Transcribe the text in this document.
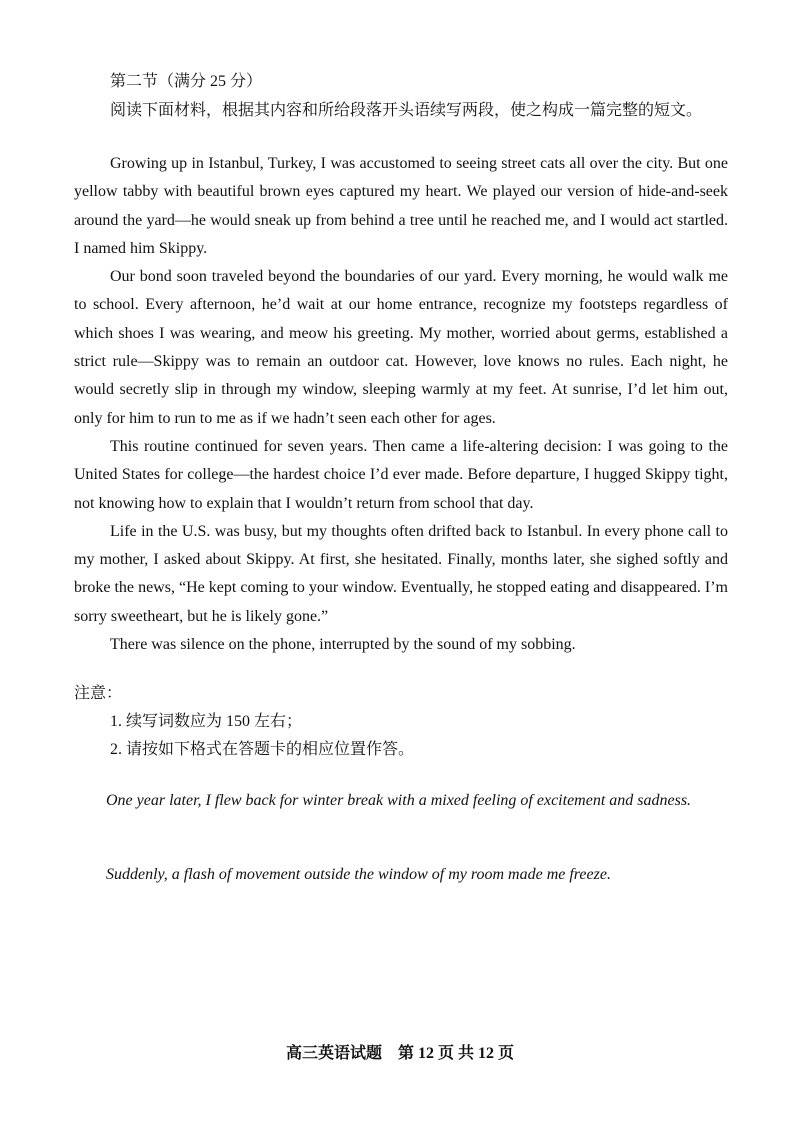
第二节（满分 25 分）
阅读下面材料，根据其内容和所给段落开头语续写两段，使之构成一篇完整的短文。

Growing up in Istanbul, Turkey, I was accustomed to seeing street cats all over the city. But one yellow tabby with beautiful brown eyes captured my heart. We played our version of hide-and-seek around the yard—he would sneak up from behind a tree until he reached me, and I would act startled. I named him Skippy.

Our bond soon traveled beyond the boundaries of our yard. Every morning, he would walk me to school. Every afternoon, he’d wait at our home entrance, recognize my footsteps regardless of which shoes I was wearing, and meow his greeting. My mother, worried about germs, established a strict rule—Skippy was to remain an outdoor cat. However, love knows no rules. Each night, he would secretly slip in through my window, sleeping warmly at my feet. At sunrise, I’d let him out, only for him to run to me as if we hadn’t seen each other for ages.

This routine continued for seven years. Then came a life-altering decision: I was going to the United States for college—the hardest choice I’d ever made. Before departure, I hugged Skippy tight, not knowing how to explain that I wouldn’t return from school that day.

Life in the U.S. was busy, but my thoughts often drifted back to Istanbul. In every phone call to my mother, I asked about Skippy. At first, she hesitated. Finally, months later, she sighed softly and broke the news, “He kept coming to your window. Eventually, he stopped eating and disappeared. I’m sorry sweetheart, but he is likely gone.”

There was silence on the phone, interrupted by the sound of my sobbing.

注意：
1. 续写词数应为 150 左右；
2. 请按如下格式在答题卡的相应位置作答。
One year later, I flew back for winter break with a mixed feeling of excitement and sadness.
Suddenly, a flash of movement outside the window of my room made me freeze.
高三英语试题　第 12 页 共 12 页
